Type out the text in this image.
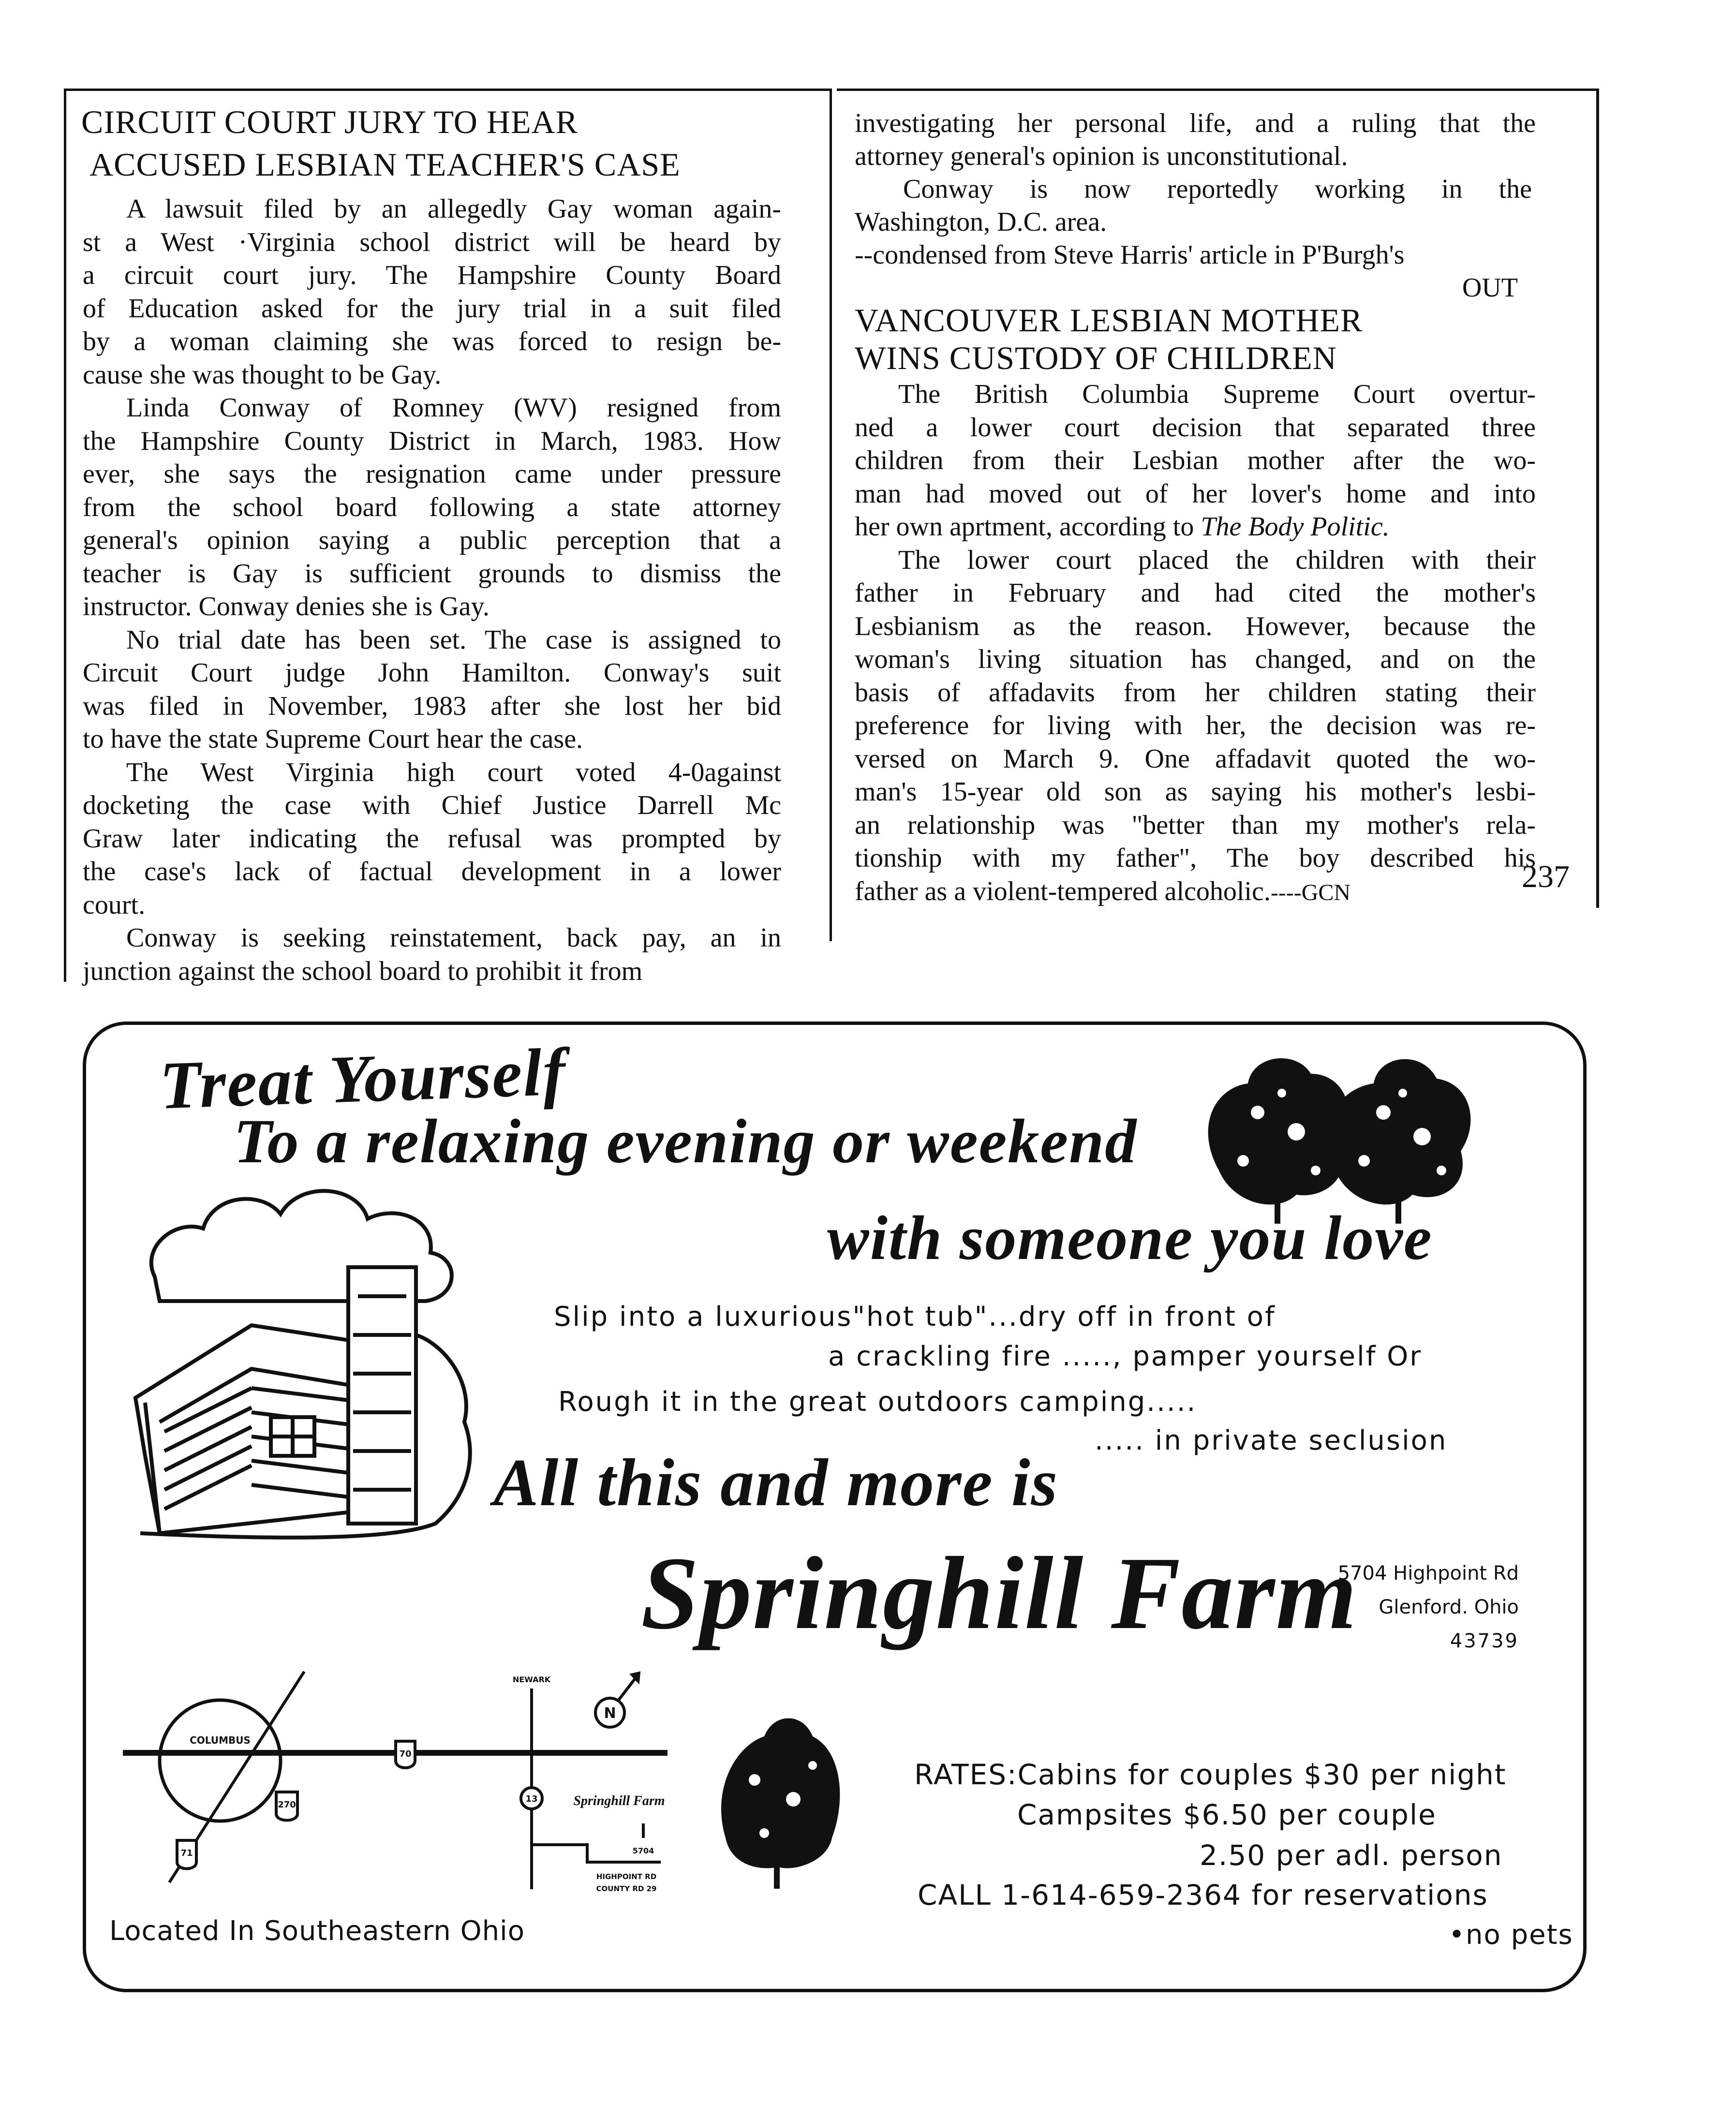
CIRCUIT COURT JURY TO HEAR
ACCUSED LESBIAN TEACHER'S CASE
A lawsuit filed by an allegedly Gay woman again-
st a West ·Virginia school district will be heard by
a circuit court jury. The Hampshire County Board
of Education asked for the jury trial in a suit filed
by a woman claiming she was forced to resign be-
cause she was thought to be Gay.
Linda Conway of Romney (WV) resigned from
the Hampshire County District in March, 1983. How
ever, she says the resignation came under pressure
from the school board following a state attorney
general's opinion saying a public perception that a
teacher is Gay is sufficient grounds to dismiss the
instructor. Conway denies she is Gay.
No trial date has been set. The case is assigned to
Circuit Court judge John Hamilton. Conway's suit
was filed in November, 1983 after she lost her bid
to have the state Supreme Court hear the case.
The West Virginia high court voted 4-0against
docketing the case with Chief Justice Darrell Mc
Graw later indicating the refusal was prompted by
the case's lack of factual development in a lower
court.
Conway is seeking reinstatement, back pay, an in
junction against the school board to prohibit it from
investigating her personal life, and a ruling that the
attorney general's opinion is unconstitutional.
Conway is now reportedly working in the
Washington, D.C. area.
--condensed from Steve Harris' article in P'Burgh's
OUT
VANCOUVER LESBIAN MOTHER
WINS CUSTODY OF CHILDREN
The British Columbia Supreme Court overtur-
ned a lower court decision that separated three
children from their Lesbian mother after the wo-
man had moved out of her lover's home and into
her own aprtment, according to The Body Politic.
The lower court placed the children with their
father in February and had cited the mother's
Lesbianism as the reason. However, because the
woman's living situation has changed, and on the
basis of affadavits from her children stating their
preference for living with her, the decision was re-
versed on March 9. One affadavit quoted the wo-
man's 15-year old son as saying his mother's lesbi-
an relationship was "better than my mother's rela-
tionship with my father", The boy described his
father as a violent-tempered alcoholic.----GCN	237
COLUMBUS
NEWARK
70
270
71
13
N
Springhill Farm
5704
HIGHPOINT RD
COUNTY RD 29
Treat Yourself
To a relaxing evening or weekend
with someone you love
Slip into a luxurious"hot tub"...dry off in front of
a crackling fire ....., pamper yourself Or
Rough it in the great outdoors camping.....
..... in private seclusion
All this and more is
Springhill Farm
5704 Highpoint Rd
Glenford. Ohio
43739
RATES:Cabins for couples $30 per night
Campsites $6.50 per couple
2.50 per adl. person
CALL 1-614-659-2364 for reservations
•no pets
Located In Southeastern Ohio
